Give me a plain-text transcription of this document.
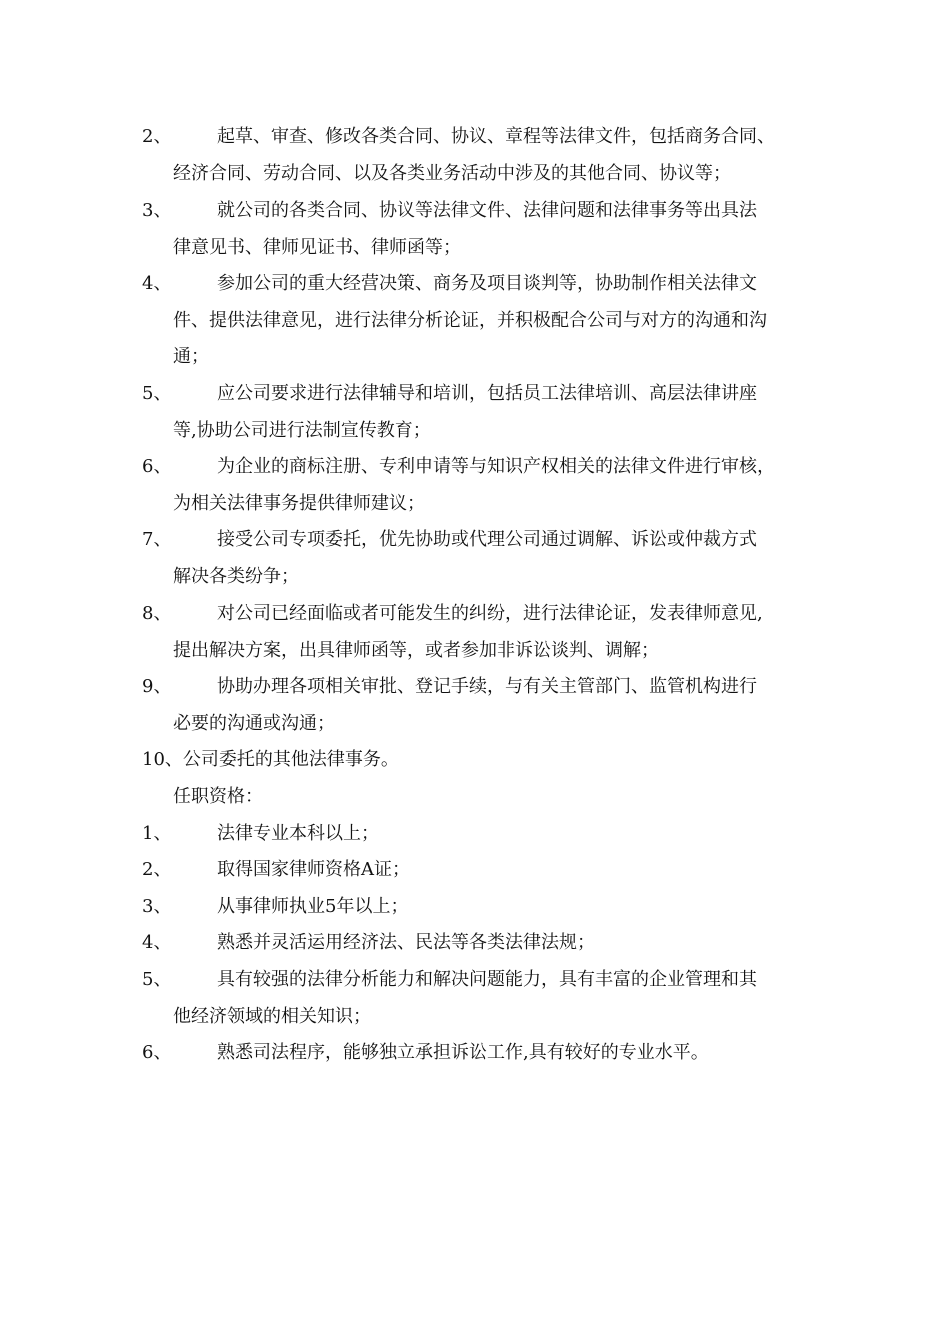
2、	起草、审查、修改各类合同、协议、章程等法律文件，包括商务合同、
经济合同、劳动合同、以及各类业务活动中涉及的其他合同、协议等；
3、	就公司的各类合同、协议等法律文件、法律问题和法律事务等出具法
律意见书、律师见证书、律师函等；
4、	参加公司的重大经营决策、商务及项目谈判等，协助制作相关法律文
件、提供法律意见，进行法律分析论证，并积极配合公司与对方的沟通和沟
通；
5、	应公司要求进行法律辅导和培训，包括员工法律培训、高层法律讲座
等,协助公司进行法制宣传教育；
6、	为企业的商标注册、专利申请等与知识产权相关的法律文件进行审核，
为相关法律事务提供律师建议；
7、	接受公司专项委托，优先协助或代理公司通过调解、诉讼或仲裁方式
解决各类纷争；
8、	对公司已经面临或者可能发生的纠纷，进行法律论证，发表律师意见,
提出解决方案，出具律师函等，或者参加非诉讼谈判、调解；
9、	协助办理各项相关审批、登记手续，与有关主管部门、监管机构进行
必要的沟通或沟通；
10、公司委托的其他法律事务。
任职资格：
1、	法律专业本科以上；
2、	取得国家律师资格A证；
3、	从事律师执业5年以上；
4、	熟悉并灵活运用经济法、民法等各类法律法规；
5、	具有较强的法律分析能力和解决问题能力，具有丰富的企业管理和其
他经济领域的相关知识；
6、	熟悉司法程序，能够独立承担诉讼工作,具有较好的专业水平。
